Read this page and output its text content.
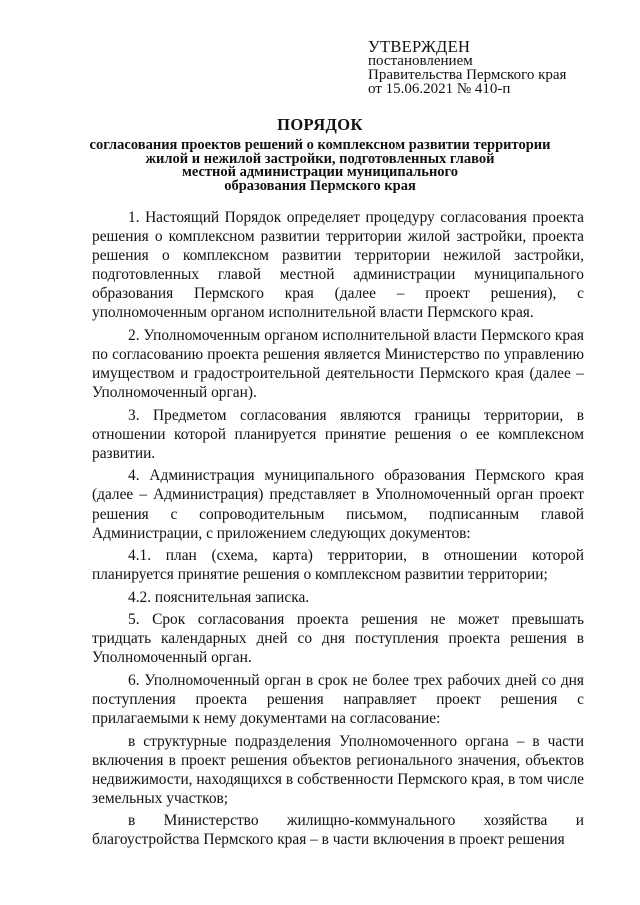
УТВЕРЖДЕН
постановлением
Правительства Пермского края
от 15.06.2021 № 410-п
ПОРЯДОК
согласования проектов решений о комплексном развитии территории
жилой и нежилой застройки, подготовленных главой
местной администрации муниципального
образования Пермского края

1. Настоящий Порядок определяет процедуру согласования проекта решения о комплексном развитии территории жилой застройки, проекта решения о комплексном развитии территории нежилой застройки, подготовленных главой местной администрации муниципального образования Пермского края (далее – проект решения), с уполномоченным органом исполнительной власти Пермского края.

2. Уполномоченным органом исполнительной власти Пермского края по согласованию проекта решения является Министерство по управлению имуществом и градостроительной деятельности Пермского края (далее – Уполномоченный орган).

3. Предметом согласования являются границы территории, в отношении которой планируется принятие решения о ее комплексном развитии.

4. Администрация муниципального образования Пермского края (далее – Администрация) представляет в Уполномоченный орган проект решения с сопроводительным письмом, подписанным главой Администрации, с приложением следующих документов:

4.1. план (схема, карта) территории, в отношении которой планируется принятие решения о комплексном развитии территории;

4.2. пояснительная записка.

5. Срок согласования проекта решения не может превышать тридцать календарных дней со дня поступления проекта решения в Уполномоченный орган.

6. Уполномоченный орган в срок не более трех рабочих дней со дня поступления проекта решения направляет проект решения с прилагаемыми к нему документами на согласование:

в структурные подразделения Уполномоченного органа – в части включения в проект решения объектов регионального значения, объектов недвижимости, находящихся в собственности Пермского края, в том числе земельных участков;

в Министерство жилищно-коммунального хозяйства и благоустройства Пермского края – в части включения в проект решения
